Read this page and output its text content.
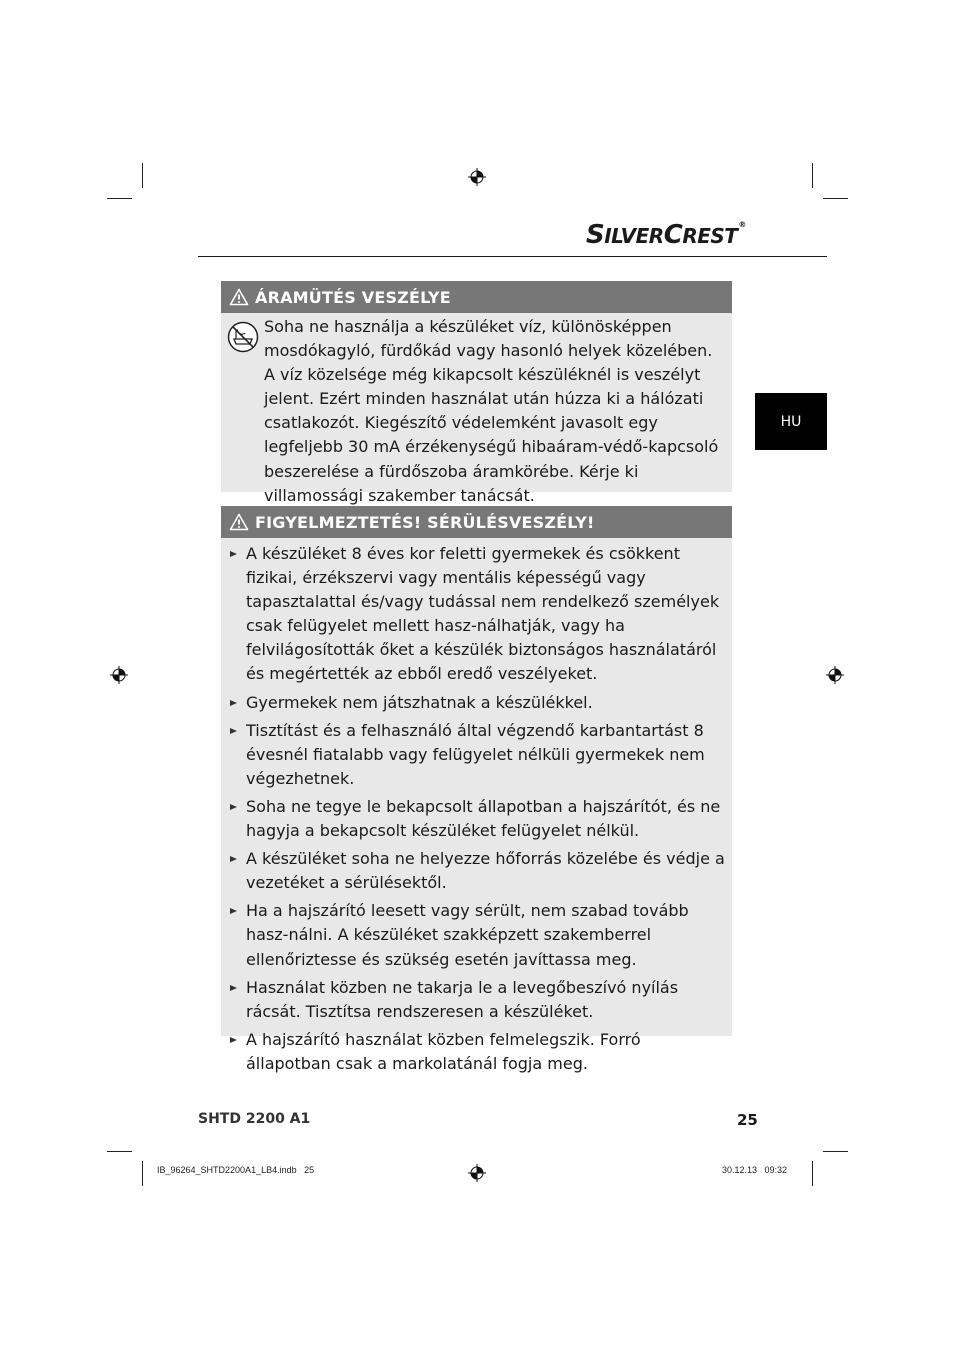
SILVERCREST®
HU
ÁRAMÜTÉS VESZÉLYE
Soha ne használja a készüléket víz, különösképpen mosdókagyló, fürdőkád vagy hasonló helyek közelében. A víz közelsége még kikapcsolt készüléknél is veszélyt jelent. Ezért minden használat után húzza ki a hálózati csatlakozót. Kiegészítő védelemként javasolt egy legfeljebb 30 mA érzékenységű hibaáram-védő-kapcsoló beszerelése a fürdőszoba áramkörébe. Kérje ki villamossági szakember tanácsát.
FIGYELMEZTETÉS! SÉRÜLÉSVESZÉLY!
A készüléket 8 éves kor feletti gyermekek és csökkent fizikai, érzékszervi vagy mentális képességű vagy tapasztalattal és/vagy tudással nem rendelkező személyek csak felügyelet mellett hasz-nálhatják, vagy ha felvilágosították őket a készülék biztonságos használatáról és megértették az ebből eredő veszélyeket.
Gyermekek nem játszhatnak a készülékkel.
Tisztítást és a felhasználó által végzendő karbantartást 8 évesnél fiatalabb vagy felügyelet nélküli gyermekek nem végezhetnek.
Soha ne tegye le bekapcsolt állapotban a hajszárítót, és ne hagyja a bekapcsolt készüléket felügyelet nélkül.
A készüléket soha ne helyezze hőforrás közelébe és védje a vezetéket a sérülésektől.
Ha a hajszárító leesett vagy sérült, nem szabad tovább hasz-nálni. A készüléket szakképzett szakemberrel ellenőriztesse és szükség esetén javíttassa meg.
Használat közben ne takarja le a levegőbeszívó nyílás rácsát. Tisztítsa rendszeresen a készüléket.
A hajszárító használat közben felmelegszik. Forró állapotban csak a markolatánál fogja meg.
SHTD 2200 A1	25
IB_96264_SHTD2200A1_LB4.indb   25	30.12.13   09:32
